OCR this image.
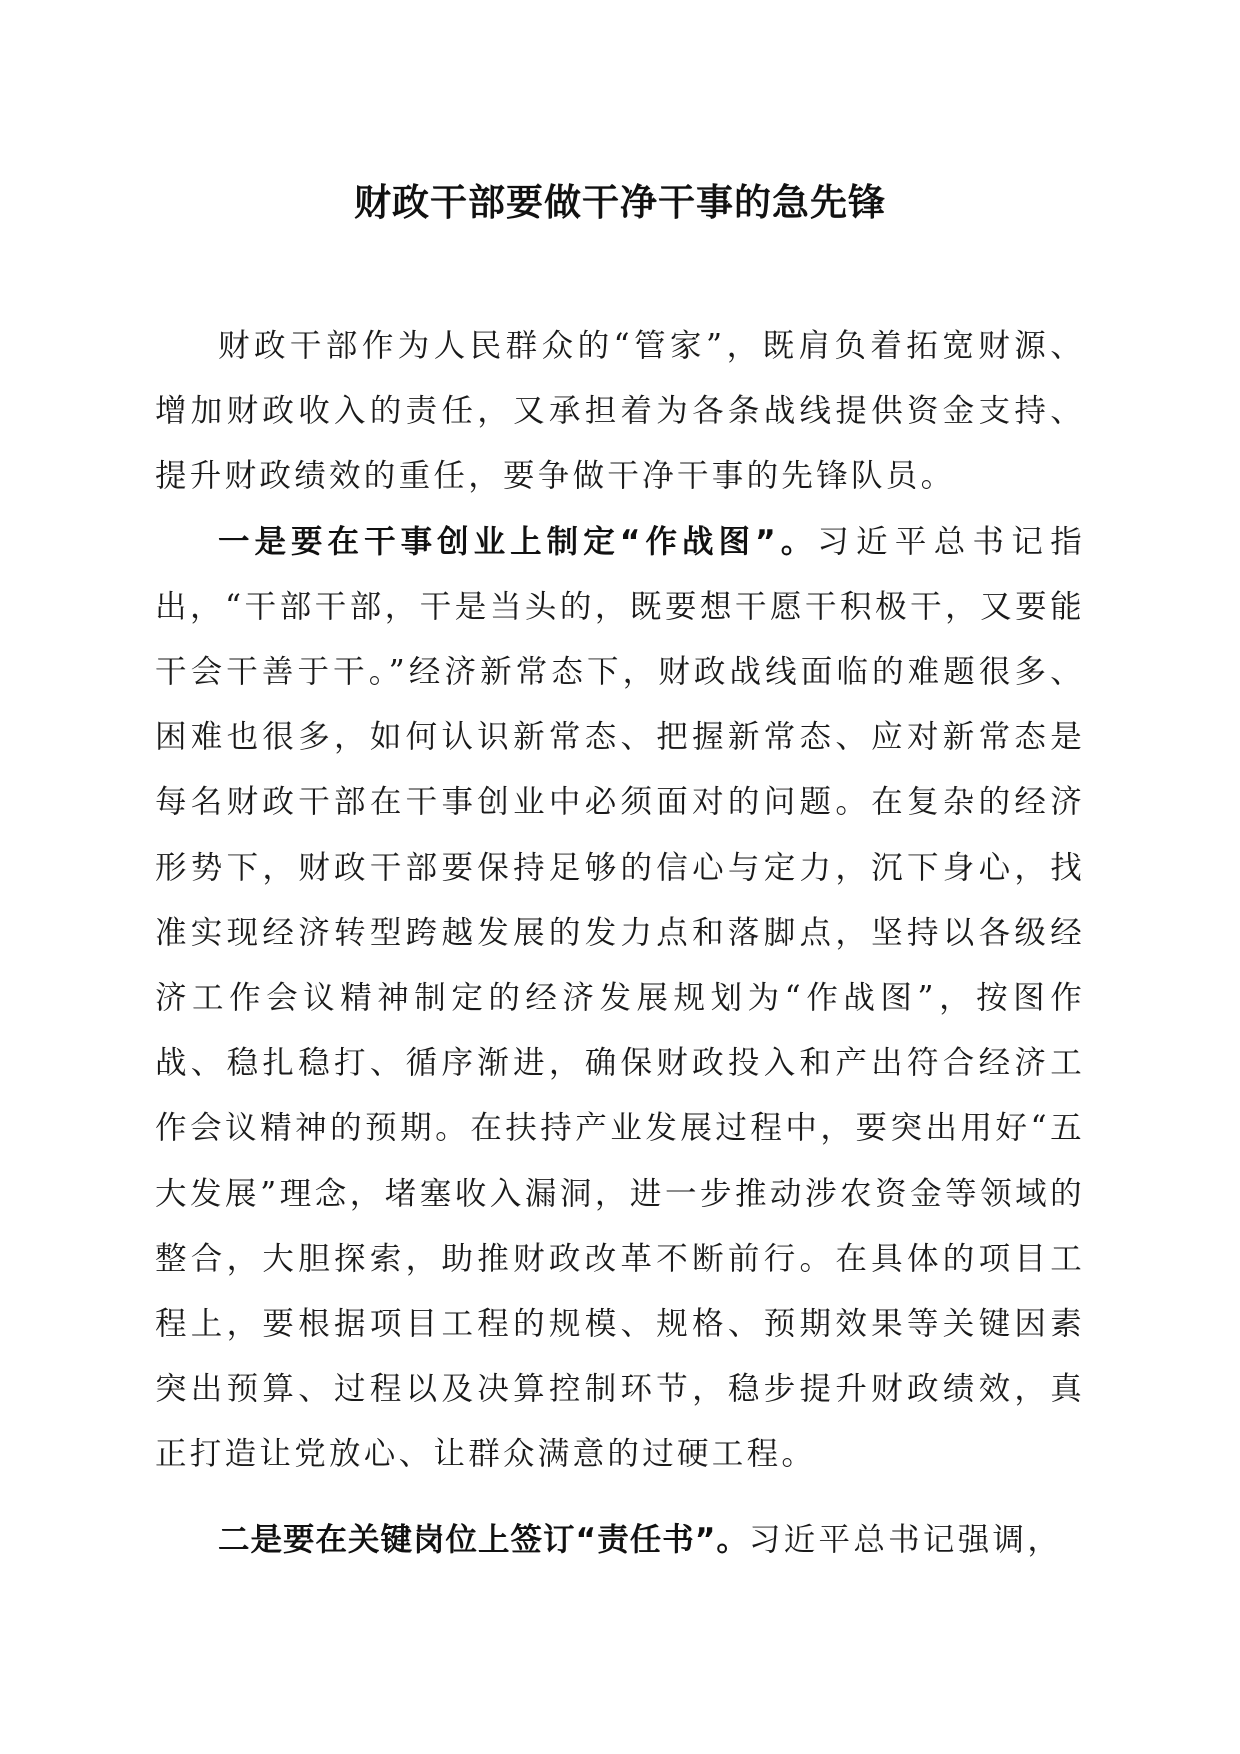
财政干部要做干净干事的急先锋

财政干部作为人民群众的“管家”，既肩负着拓宽财源、增加财政收入的责任，又承担着为各条战线提供资金支持、提升财政绩效的重任，要争做干净干事的先锋队员。

一是要在干事创业上制定“作战图”。习近平总书记指出，“干部干部，干是当头的，既要想干愿干积极干，又要能干会干善于干。”经济新常态下，财政战线面临的难题很多、困难也很多，如何认识新常态、把握新常态、应对新常态是每名财政干部在干事创业中必须面对的问题。在复杂的经济形势下，财政干部要保持足够的信心与定力，沉下身心，找准实现经济转型跨越发展的发力点和落脚点，坚持以各级经济工作会议精神制定的经济发展规划为“作战图”，按图作战、稳扎稳打、循序渐进，确保财政投入和产出符合经济工作会议精神的预期。在扶持产业发展过程中，要突出用好“五大发展”理念，堵塞收入漏洞，进一步推动涉农资金等领域的整合，大胆探索，助推财政改革不断前行。在具体的项目工程上，要根据项目工程的规模、规格、预期效果等关键因素突出预算、过程以及决算控制环节，稳步提升财政绩效，真正打造让党放心、让群众满意的过硬工程。

二是要在关键岗位上签订“责任书”。习近平总书记强调，
